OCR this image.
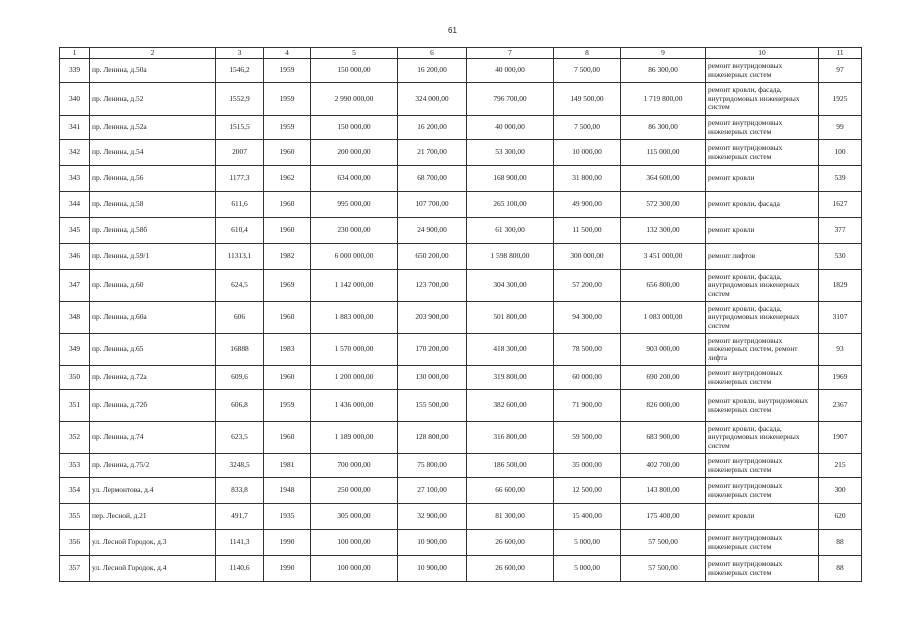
61
1	2	3	4	5	6	7	8	9	10	11
339	пр. Ленина, д.50а	1546,2	1959	150 000,00	16 200,00	40 000,00	7 500,00	86 300,00	ремонт внутридомовых инженерных систем	97
340	пр. Ленина, д.52	1552,9	1959	2 990 000,00	324 000,00	796 700,00	149 500,00	1 719 800,00	ремонт кровли, фасада, внутридомовых инженерных систем	1925
341	пр. Ленина, д.52а	1515,5	1959	150 000,00	16 200,00	40 000,00	7 500,00	86 300,00	ремонт внутридомовых инженерных систем	99
342	пр. Ленина, д.54	2007	1960	200 000,00	21 700,00	53 300,00	10 000,00	115 000,00	ремонт внутридомовых инженерных систем	100
343	пр. Ленина, д.56	1177,3	1962	634 000,00	68 700,00	168 900,00	31 800,00	364 600,00	ремонт кровли	539
344	пр. Ленина, д.58	611,6	1960	995 000,00	107 700,00	265 100,00	49 900,00	572 300,00	ремонт кровли, фасада	1627
345	пр. Ленина, д.58б	610,4	1960	230 000,00	24 900,00	61 300,00	11 500,00	132 300,00	ремонт кровли	377
346	пр. Ленина, д.59/1	11313,1	1982	6 000 000,00	650 200,00	1 598 800,00	300 000,00	3 451 000,00	ремонт лифтов	530
347	пр. Ленина, д.60	624,5	1969	1 142 000,00	123 700,00	304 300,00	57 200,00	656 800,00	ремонт кровли, фасада, внутридомовых инженерных систем	1829
348	пр. Ленина, д.60а	606	1960	1 883 000,00	203 900,00	501 800,00	94 300,00	1 083 000,00	ремонт кровли, фасада, внутридомовых инженерных систем	3107
349	пр. Ленина, д.65	16888	1983	1 570 000,00	170 200,00	418 300,00	78 500,00	903 000,00	ремонт внутридомовых инженерных систем, ремонт лифта	93
350	пр. Ленина, д.72а	609,6	1960	1 200 000,00	130 000,00	319 800,00	60 000,00	690 200,00	ремонт внутридомовых инженерных систем	1969
351	пр. Ленина, д.72б	606,8	1959	1 436 000,00	155 500,00	382 600,00	71 900,00	826 000,00	ремонт кровли, внутридомовых инженерных систем	2367
352	пр. Ленина, д.74	623,5	1960	1 189 000,00	128 800,00	316 800,00	59 500,00	683 900,00	ремонт кровли, фасада, внутридомовых инженерных систем	1907
353	пр. Ленина, д.75/2	3248,5	1981	700 000,00	75 800,00	186 500,00	35 000,00	402 700,00	ремонт внутридомовых инженерных систем	215
354	ул. Лермонтова, д.4	833,8	1948	250 000,00	27 100,00	66 600,00	12 500,00	143 800,00	ремонт внутридомовых инженерных систем	300
355	пер. Лесной, д.21	491,7	1935	305 000,00	32 900,00	81 300,00	15 400,00	175 400,00	ремонт кровли	620
356	ул. Лесной Городок, д.3	1141,3	1990	100 000,00	10 900,00	26 600,00	5 000,00	57 500,00	ремонт внутридомовых инженерных систем	88
357	ул. Лесной Городок, д.4	1140,6	1990	100 000,00	10 900,00	26 600,00	5 000,00	57 500,00	ремонт внутридомовых инженерных систем	88
